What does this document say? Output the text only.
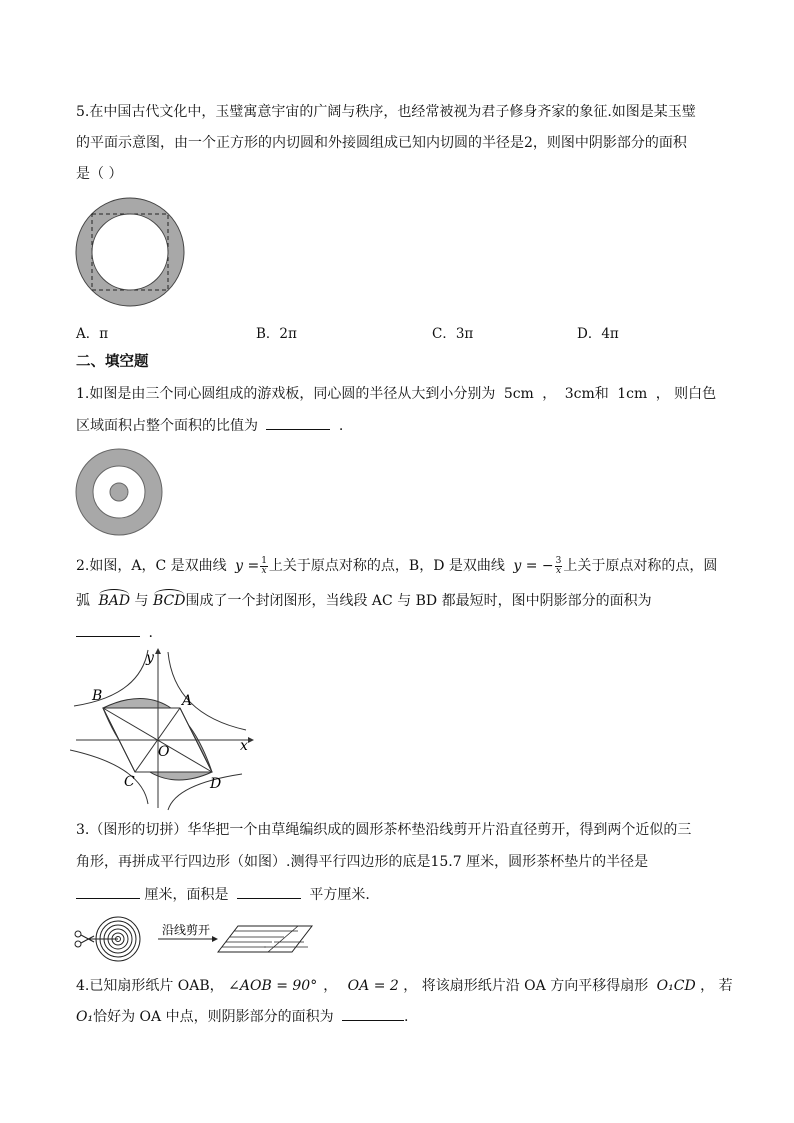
5.在中国古代文化中，玉璧寓意宇宙的广阔与秩序，也经常被视为君子修身齐家的象征.如图是某玉璧
的平面示意图，由一个正方形的内切圆和外接圆组成已知内切圆的半径是2，则图中阴影部分的面积
是（ ）
A．π	B．2π	C．3π	D．4π
二、填空题
1.如图是由三个同心圆组成的游戏板，同心圆的半径从大到小分别为 5cm ， 3cm和 1cm ， 则白色
区域面积占整个面积的比值为	.
2.如图，A，C 是双曲线 $y = \frac{1}{x}$ 上关于原点对称的点，B，D 是双曲线 y = − $\frac{3}{x}$ 上关于原点对称的点，圆
弧 BAD 与 BCD围成了一个封闭图形，当线段 AC 与 BD 都最短时，图中阴影部分的面积为
.
y
x
O
A
B
C	D
3.（图形的切拼）华华把一个由草绳编织成的圆形茶杯垫沿线剪开片沿直径剪开，得到两个近似的三
角形，再拼成平行四边形（如图）.测得平行四边形的底是15.7 厘米，圆形茶杯垫片的半径是
厘米，面积是	平方厘米.
沿线剪开
4.已知扇形纸片 OAB， ∠AOB = 90° ， OA = 2 ， 将该扇形纸片沿 OA 方向平移得扇形 O₁CD ， 若
O₁恰好为 OA 中点，则阴影部分的面积为	.
